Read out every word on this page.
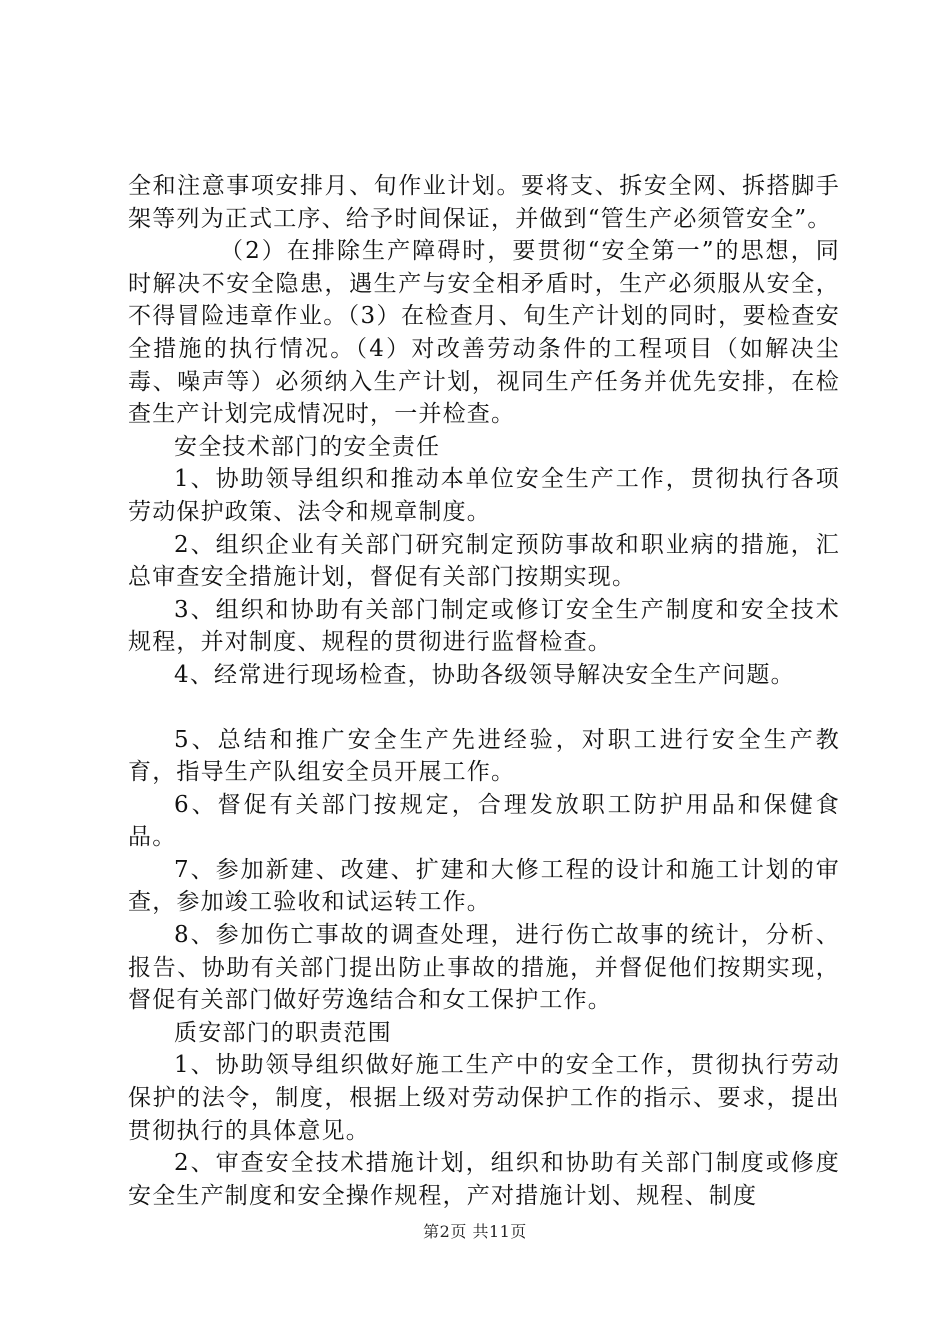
全和注意事项安排月、旬作业计划。要将支、拆安全网、拆搭脚手架等列为正式工序、给予时间保证，并做到“管生产必须管安全”。

（2）在排除生产障碍时，要贯彻“安全第一”的思想，同时解决不安全隐患，遇生产与安全相矛盾时，生产必须服从安全，不得冒险违章作业。（3）在检查月、旬生产计划的同时，要检查安全措施的执行情况。（4）对改善劳动条件的工程项目（如解决尘毒、噪声等）必须纳入生产计划，视同生产任务并优先安排，在检查生产计划完成情况时，一并检查。

安全技术部门的安全责任

1、协助领导组织和推动本单位安全生产工作，贯彻执行各项劳动保护政策、法令和规章制度。

2、组织企业有关部门研究制定预防事故和职业病的措施，汇总审查安全措施计划，督促有关部门按期实现。

3、组织和协助有关部门制定或修订安全生产制度和安全技术规程，并对制度、规程的贯彻进行监督检查。

4、经常进行现场检查，协助各级领导解决安全生产问题。

5、总结和推广安全生产先进经验，对职工进行安全生产教育，指导生产队组安全员开展工作。

6、督促有关部门按规定，合理发放职工防护用品和保健食品。

7、参加新建、改建、扩建和大修工程的设计和施工计划的审查，参加竣工验收和试运转工作。

8、参加伤亡事故的调查处理，进行伤亡故事的统计，分析、报告、协助有关部门提出防止事故的措施，并督促他们按期实现，督促有关部门做好劳逸结合和女工保护工作。

质安部门的职责范围

1、协助领导组织做好施工生产中的安全工作，贯彻执行劳动保护的法令，制度，根据上级对劳动保护工作的指示、要求，提出贯彻执行的具体意见。

2、审查安全技术措施计划，组织和协助有关部门制度或修度安全生产制度和安全操作规程，产对措施计划、规程、制度

第2页 共11页
